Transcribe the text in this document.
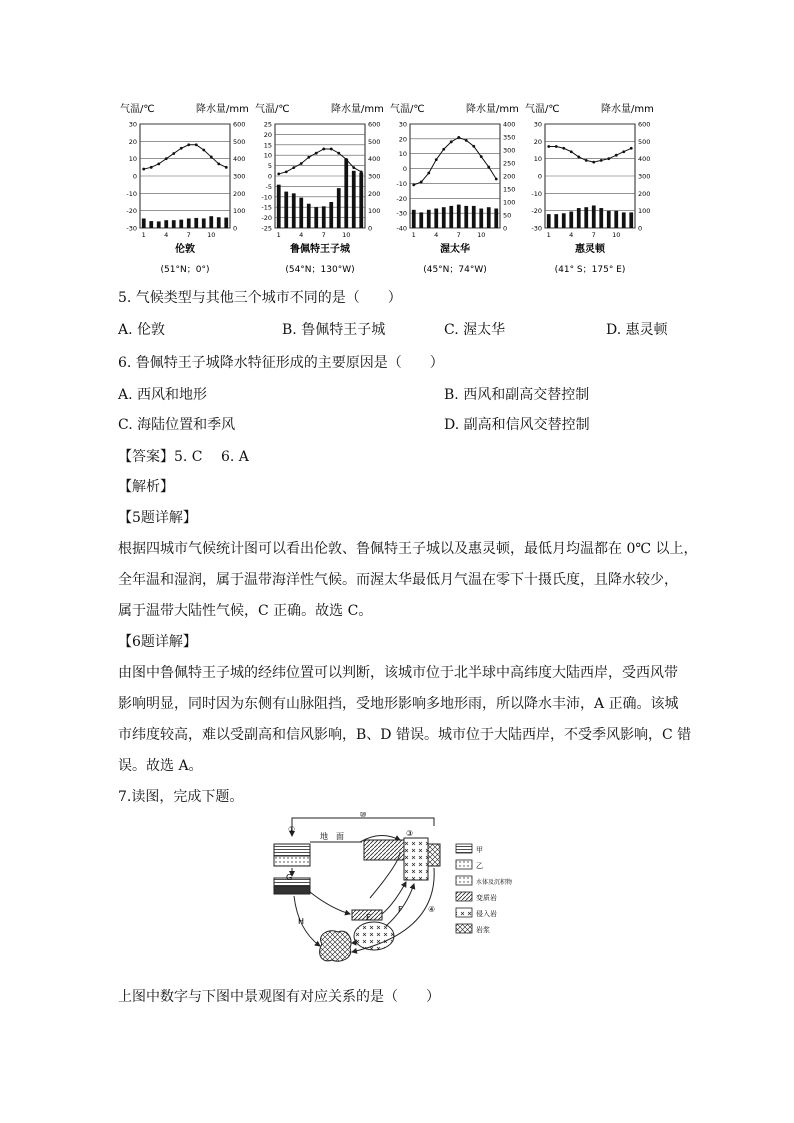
气温/℃	降水量/mm
30
20
10
0
-10
-20
-30
600
500
400
300
200
100
0
1	4	7	10
伦敦
(51°N；0°)
气温/℃	降水量/mm
25
20
15
10
5
0
-5
-10
-15
-20
-25
600
500
400
300
200
100
0
1	4	7	10
鲁佩特王子城
(54°N；130°W)
气温/℃	降水量/mm
30
20
10
0
-10
-20
-30
-40
400
350
300
250
200
150
100
50
0
1	4	7	10
渥太华
(45°N；74°W)
气温/℃	降水量/mm
30
20
10
0
-10
-20
-30
600
500
400
300
200
100
0
1	4	7	10
惠灵顿
(41° S；175° E)
5. 气候类型与其他三个城市不同的是（　　）
A. 伦敦	B. 鲁佩特王子城	C. 渥太华	D. 惠灵顿
6. 鲁佩特王子城降水特征形成的主要原因是（　　）
A. 西风和地形	B. 西风和副高交替控制
C. 海陆位置和季风	D. 副高和信风交替控制
【答案】5. C　 6. A
【解析】
【5题详解】
根据四城市气候统计图可以看出伦敦、鲁佩特王子城以及惠灵顿，最低月均温都在 0℃ 以上，
全年温和湿润，属于温带海洋性气候。而渥太华最低月气温在零下十摄氏度，且降水较少，
属于温带大陆性气候，C 正确。故选 C。
【6题详解】
由图中鲁佩特王子城的经纬位置可以判断，该城市位于北半球中高纬度大陆西岸，受西风带
影响明显，同时因为东侧有山脉阻挡，受地形影响多地形雨，所以降水丰沛，A 正确。该城
市纬度较高，难以受副高和信风影响，B、D 错误。城市位于大陆西岸，不受季风影响，C 错
误。故选 A。
7.读图，完成下题。
⑩
①	③
地　面
H	E
F	④
甲
乙
水体及沉积物
变质岩
侵入岩
岩浆
上图中数字与下图中景观图有对应关系的是（　　）
